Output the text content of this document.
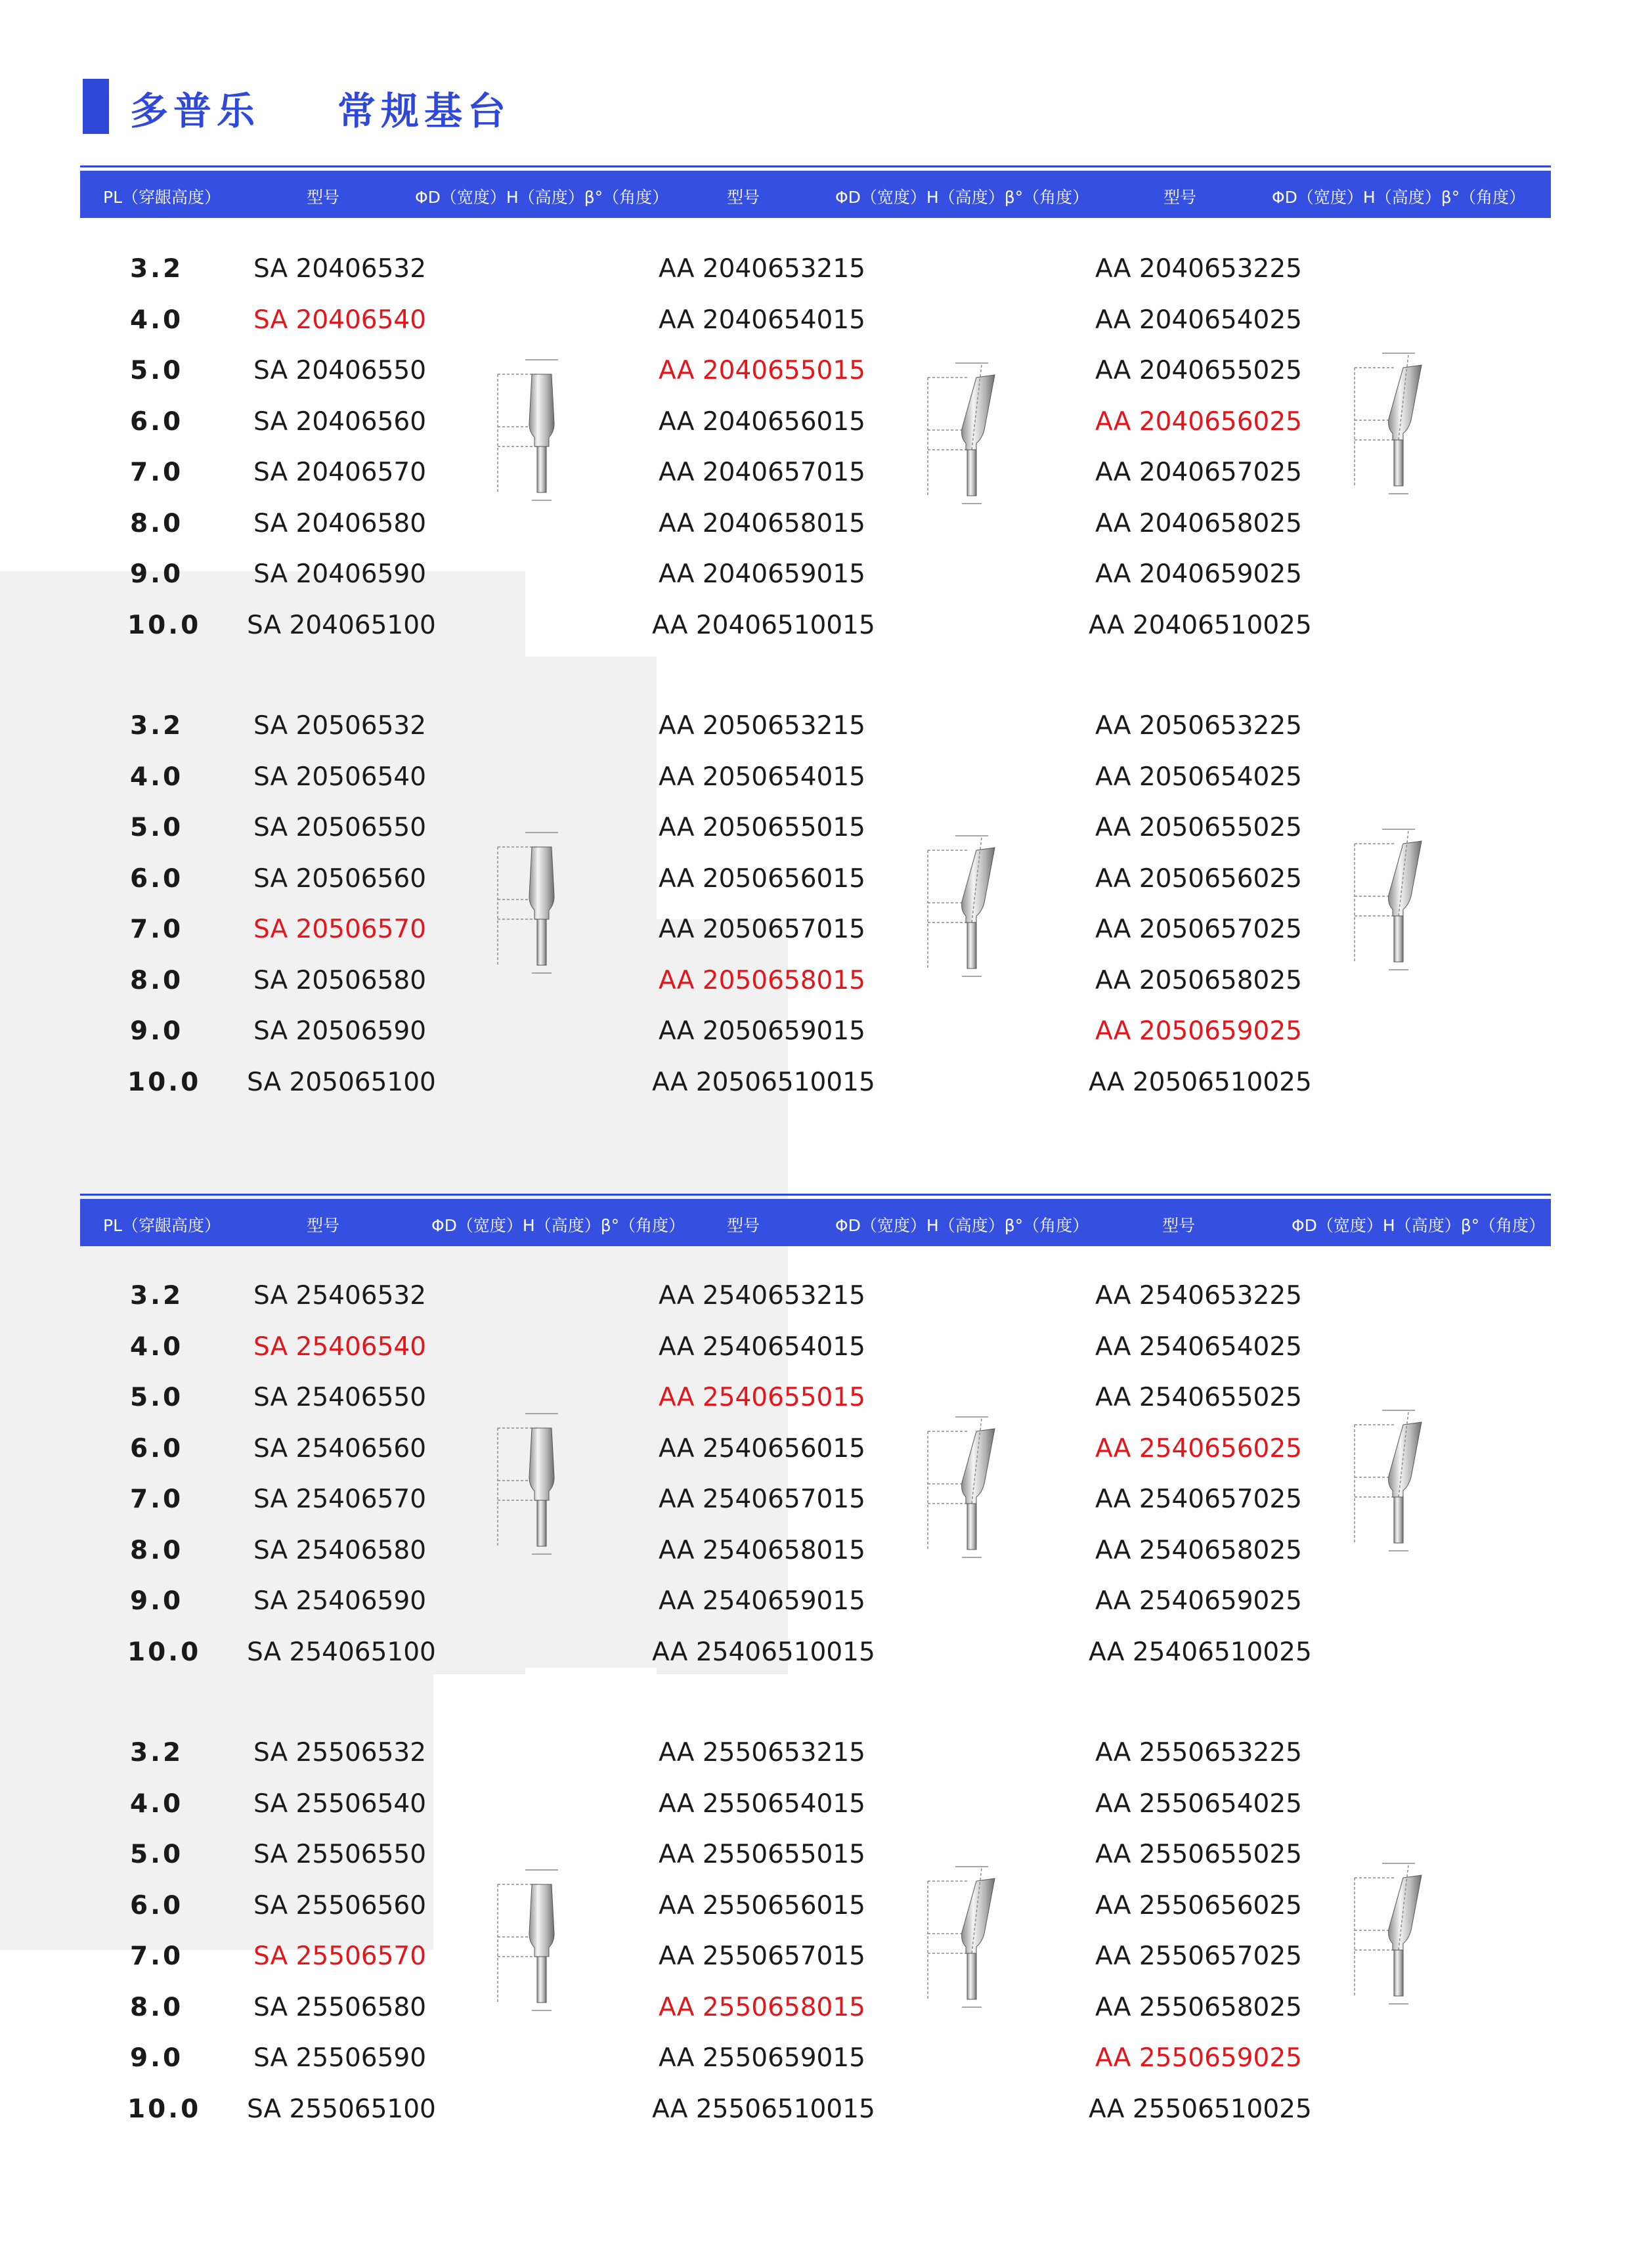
多普乐 常规基台
PL（穿龈高度）	型号	ΦD（宽度）H（高度）β°（角度）	型号	ΦD（宽度）H（高度）β°（角度）	型号	ΦD（宽度）H（高度）β°（角度）
PL（穿龈高度）	型号	ΦD（宽度）H（高度）β°（角度）	型号	ΦD（宽度）H（高度）β°（角度）	型号	ΦD（宽度）H（高度）β°（角度）
3.2	SA 20406532	AA 2040653215	AA 2040653225
4.0	SA 20406540	AA 2040654015	AA 2040654025
5.0	SA 20406550	AA 2040655015	AA 2040655025
6.0	SA 20406560	AA 2040656015	AA 2040656025
7.0	SA 20406570	AA 2040657015	AA 2040657025
8.0	SA 20406580	AA 2040658015	AA 2040658025
9.0	SA 20406590	AA 2040659015	AA 2040659025
10.0 SA 204065100	AA 20406510015	AA 20406510025
3.2	SA 20506532	AA 2050653215	AA 2050653225
4.0	SA 20506540	AA 2050654015	AA 2050654025
5.0	SA 20506550	AA 2050655015	AA 2050655025
6.0	SA 20506560	AA 2050656015	AA 2050656025
7.0	SA 20506570	AA 2050657015	AA 2050657025
8.0	SA 20506580	AA 2050658015	AA 2050658025
9.0	SA 20506590	AA 2050659015	AA 2050659025
10.0 SA 205065100	AA 20506510015	AA 20506510025
3.2	SA 25406532	AA 2540653215	AA 2540653225
4.0	SA 25406540	AA 2540654015	AA 2540654025
5.0	SA 25406550	AA 2540655015	AA 2540655025
6.0	SA 25406560	AA 2540656015	AA 2540656025
7.0	SA 25406570	AA 2540657015	AA 2540657025
8.0	SA 25406580	AA 2540658015	AA 2540658025
9.0	SA 25406590	AA 2540659015	AA 2540659025
10.0 SA 254065100	AA 25406510015	AA 25406510025
3.2	SA 25506532	AA 2550653215	AA 2550653225
4.0	SA 25506540	AA 2550654015	AA 2550654025
5.0	SA 25506550	AA 2550655015	AA 2550655025
6.0	SA 25506560	AA 2550656015	AA 2550656025
7.0	SA 25506570	AA 2550657015	AA 2550657025
8.0	SA 25506580	AA 2550658015	AA 2550658025
9.0	SA 25506590	AA 2550659015	AA 2550659025
10.0 SA 255065100	AA 25506510015	AA 25506510025
